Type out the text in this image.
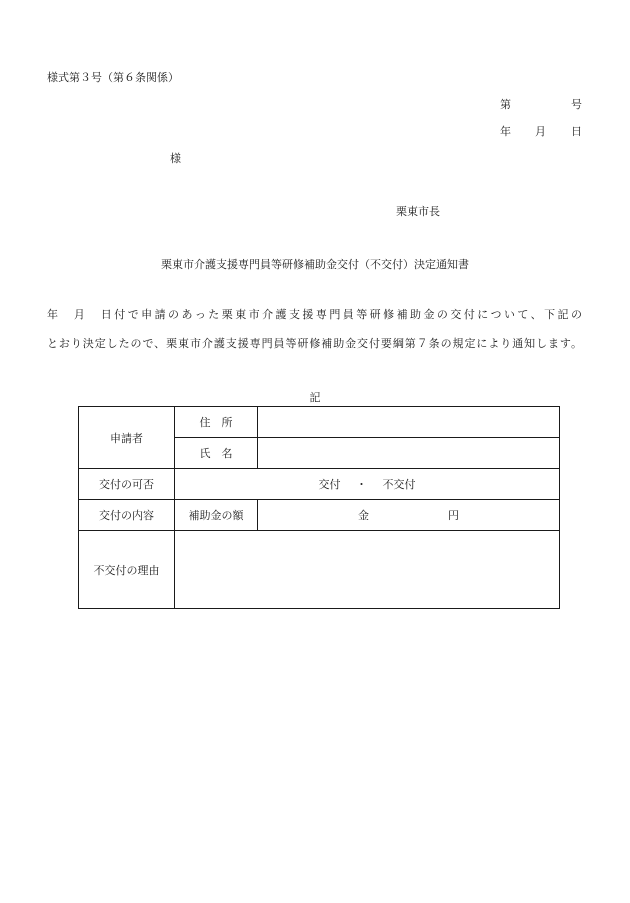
様式第３号（第６条関係）
第	号
年 月 日
様
栗東市長
栗東市介護支援専門員等研修補助金交付（不交付）決定通知書
年　月　日付で申請のあった栗東市介護支援専門員等研修補助金の交付について、下記の
とおり決定したので、栗東市介護支援専門員等研修補助金交付要綱第７条の規定により通知します。
記
申請者	住　所	
	氏　名	
交付の可否	交付 ・ 不交付	
交付の内容	補助金の額	金 円
不交付の理由		
